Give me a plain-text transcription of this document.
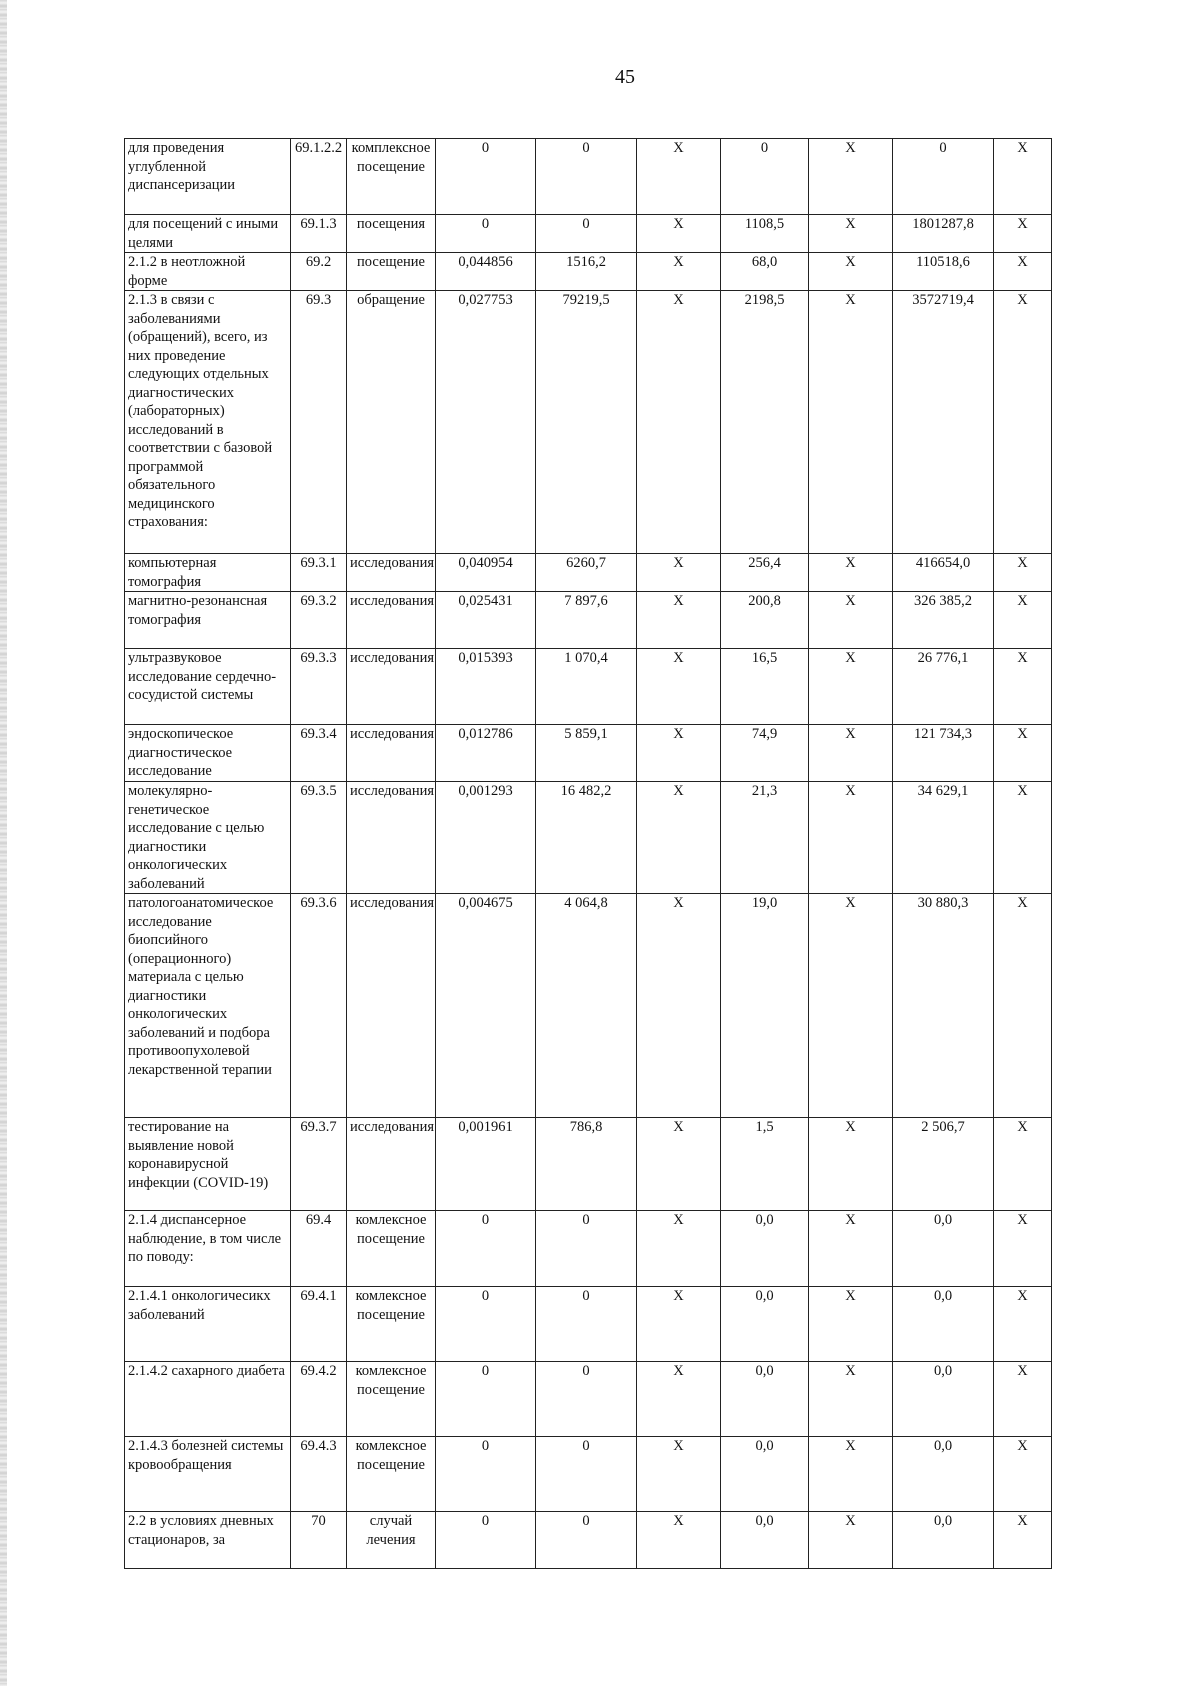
45
для проведения углубленной диспансеризации	69.1.2.2	комплексное посещение	0	0	X	0	X	0	X
для посещений с иными целями	69.1.3	посещения	0	0	X	1108,5	X	1801287,8	X
2.1.2 в неотложной форме	69.2	посещение	0,044856	1516,2	X	68,0	X	110518,6	X
2.1.3 в связи с заболеваниями (обращений), всего, из них проведение следующих отдельных диагностических (лабораторных) исследований в соответствии с базовой программой обязательного медицинского страхования:	69.3	обращение	0,027753	79219,5	X	2198,5	X	3572719,4	X
компьютерная томография	69.3.1	исследования	0,040954	6260,7	X	256,4	X	416654,0	X
магнитно-резонансная томография	69.3.2	исследования	0,025431	7 897,6	X	200,8	X	326 385,2	X
ультразвуковое исследование сердечно-сосудистой системы	69.3.3	исследования	0,015393	1 070,4	X	16,5	X	26 776,1	X
эндоскопическое диагностическое исследование	69.3.4	исследования	0,012786	5 859,1	X	74,9	X	121 734,3	X
молекулярно-генетическое исследование с целью диагностики онкологических заболеваний	69.3.5	исследования	0,001293	16 482,2	X	21,3	X	34 629,1	X
патологоанатомическое исследование биопсийного (операционного) материала с целью диагностики онкологических заболеваний и подбора противоопухолевой лекарственной терапии	69.3.6	исследования	0,004675	4 064,8	X	19,0	X	30 880,3	X
тестирование на выявление новой коронавирусной инфекции (COVID-19)	69.3.7	исследования	0,001961	786,8	X	1,5	X	2 506,7	X
2.1.4 диспансерное наблюдение, в том числе по поводу:	69.4	комлексное посещение	0	0	X	0,0	X	0,0	X
2.1.4.1 онкологичесикх заболеваний	69.4.1	комлексное посещение	0	0	X	0,0	X	0,0	X
2.1.4.2 сахарного диабета	69.4.2	комлексное посещение	0	0	X	0,0	X	0,0	X
2.1.4.3 болезней системы кровообращения	69.4.3	комлексное посещение	0	0	X	0,0	X	0,0	X
2.2 в условиях дневных стационаров, за	70	случай лечения	0	0	X	0,0	X	0,0	X
